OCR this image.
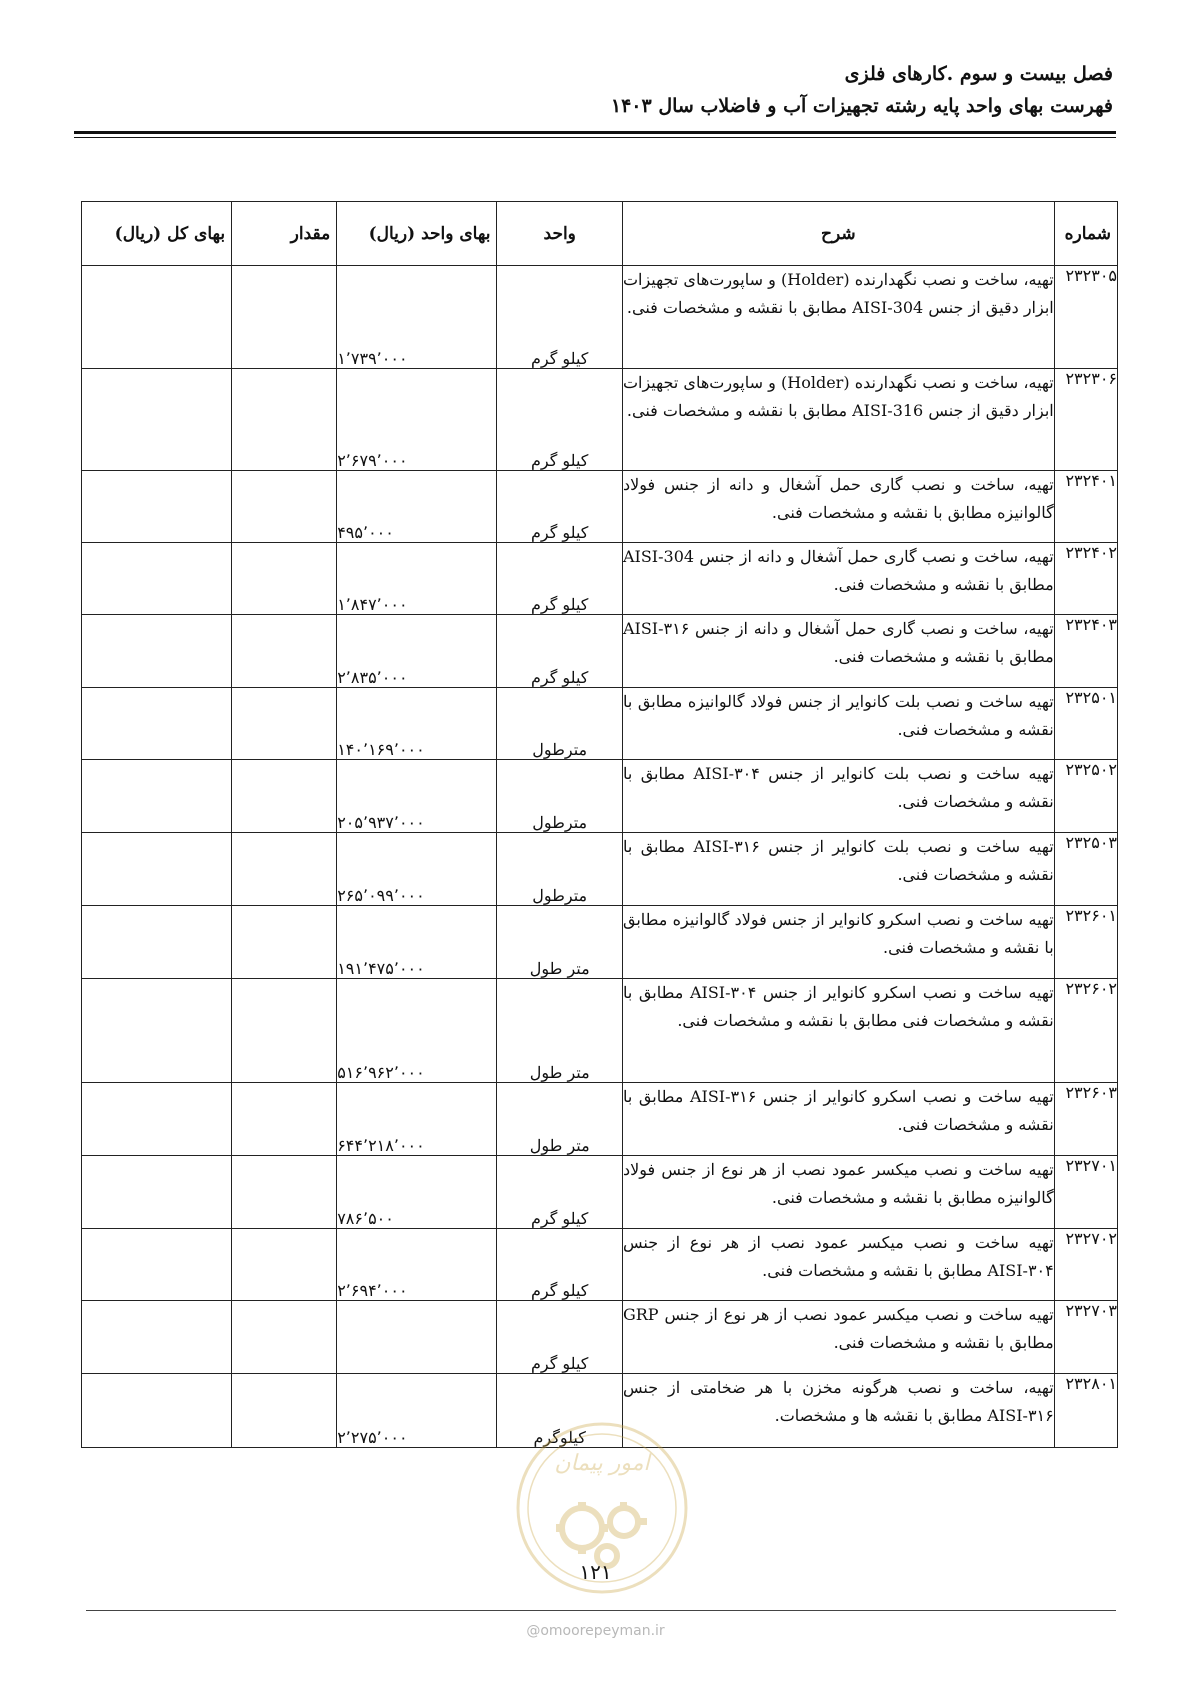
فصل بیست و سوم .کارهای فلزی
فهرست بهای واحد پایه رشته تجهیزات آب و فاضلاب سال ۱۴۰۳
شماره	شرح	واحد	بهای واحد (ریال)	مقدار	بهای کل (ریال)
۲۳۲۳۰۵	تهیه، ساخت و نصب نگهدارنده (Holder) و ساپورت‌های تجهیزات ابزار دقیق از جنس AISI-304 مطابق با نقشه و مشخصات فنی.	کیلو گرم	۱٬۷۳۹٬۰۰۰		
۲۳۲۳۰۶	تهیه، ساخت و نصب نگهدارنده (Holder) و ساپورت‌های تجهیزات ابزار دقیق از جنس AISI-316 مطابق با نقشه و مشخصات فنی.	کیلو گرم	۲٬۶۷۹٬۰۰۰		
۲۳۲۴۰۱	تهیه، ساخت و نصب گاری حمل آشغال و دانه از جنس فولاد گالوانیزه مطابق با نقشه و مشخصات فنی.	کیلو گرم	۴۹۵٬۰۰۰		
۲۳۲۴۰۲	تهیه، ساخت و نصب گاری حمل آشغال و دانه از جنس AISI-304 مطابق با نقشه و مشخصات فنی.	کیلو گرم	۱٬۸۴۷٬۰۰۰		
۲۳۲۴۰۳	تهیه، ساخت و نصب گاری حمل آشغال و دانه از جنس AISI-۳۱۶ مطابق با نقشه و مشخصات فنی.	کیلو گرم	۲٬۸۳۵٬۰۰۰		
۲۳۲۵۰۱	تهیه ساخت و نصب بلت کانوایر از جنس فولاد گالوانیزه مطابق با نقشه و مشخصات فنی.	مترطول	۱۴۰٬۱۶۹٬۰۰۰		
۲۳۲۵۰۲	تهیه ساخت و نصب بلت کانوایر از جنس AISI-۳۰۴ مطابق با نقشه و مشخصات فنی.	مترطول	۲۰۵٬۹۳۷٬۰۰۰		
۲۳۲۵۰۳	تهیه ساخت و نصب بلت کانوایر از جنس AISI-۳۱۶ مطابق با نقشه و مشخصات فنی.	مترطول	۲۶۵٬۰۹۹٬۰۰۰		
۲۳۲۶۰۱	تهیه ساخت و نصب اسکرو کانوایر از جنس فولاد گالوانیزه مطابق با نقشه و مشخصات فنی.	متر طول	۱۹۱٬۴۷۵٬۰۰۰		
۲۳۲۶۰۲	تهیه ساخت و نصب اسکرو کانوایر از جنس AISI-۳۰۴ مطابق با نقشه و مشخصات فنی مطابق با نقشه و مشخصات فنی.	متر طول	۵۱۶٬۹۶۲٬۰۰۰		
۲۳۲۶۰۳	تهیه ساخت و نصب اسکرو کانوایر از جنس AISI-۳۱۶ مطابق با نقشه و مشخصات فنی.	متر طول	۶۴۴٬۲۱۸٬۰۰۰		
۲۳۲۷۰۱	تهیه ساخت و نصب میکسر عمود نصب از هر نوع از جنس فولاد گالوانیزه مطابق با نقشه و مشخصات فنی.	کیلو گرم	۷۸۶٬۵۰۰		
۲۳۲۷۰۲	تهیه ساخت و نصب میکسر عمود نصب از هر نوع از جنس AISI-۳۰۴ مطابق با نقشه و مشخصات فنی.	کیلو گرم	۲٬۶۹۴٬۰۰۰		
۲۳۲۷۰۳	تهیه ساخت و نصب میکسر عمود نصب از هر نوع از جنس GRP مطابق با نقشه و مشخصات فنی.	کیلو گرم			
۲۳۲۸۰۱	تهیه، ساخت و نصب هرگونه مخزن با هر ضخامتی از جنس AISI-۳۱۶ مطابق با نقشه ها و مشخصات.	کیلوگرم	۲٬۲۷۵٬۰۰۰		
امور پیمان
۱۲۱
@omoorepeyman.ir
